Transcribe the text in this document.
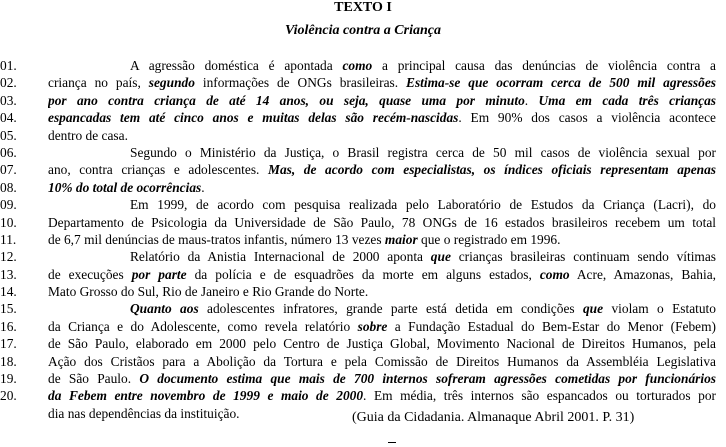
TEXTO I
Violência contra a Criança
01.	A agressão doméstica é apontada como a principal causa das denúncias de violência contra a
02.	criança no país, segundo informações de ONGs brasileiras. Estima-se que ocorram cerca de 500 mil agressões
03.	por ano contra criança de até 14 anos, ou seja, quase uma por minuto. Uma em cada três crianças
04.	espancadas tem até cinco anos e muitas delas são recém-nascidas. Em 90% dos casos a violência acontece
05.	dentro de casa.
06.	Segundo o Ministério da Justiça, o Brasil registra cerca de 50 mil casos de violência sexual por
07.	ano, contra crianças e adolescentes. Mas, de acordo com especialistas, os índices oficiais representam apenas
08.	10% do total de ocorrências.
09.	Em 1999, de acordo com pesquisa realizada pelo Laboratório de Estudos da Criança (Lacri), do
10.	Departamento de Psicologia da Universidade de São Paulo, 78 ONGs de 16 estados brasileiros recebem um total
11.	de 6,7 mil denúncias de maus-tratos infantis, número 13 vezes maior que o registrado em 1996.
12.	Relatório da Anistia Internacional de 2000 aponta que crianças brasileiras continuam sendo vítimas
13.	de execuções por parte da polícia e de esquadrões da morte em alguns estados, como Acre, Amazonas, Bahia,
14.	Mato Grosso do Sul, Rio de Janeiro e Rio Grande do Norte.
15.	Quanto aos adolescentes infratores, grande parte está detida em condições que violam o Estatuto
16.	da Criança e do Adolescente, como revela relatório sobre a Fundação Estadual do Bem-Estar do Menor (Febem)
17.	de São Paulo, elaborado em 2000 pelo Centro de Justiça Global, Movimento Nacional de Direitos Humanos, pela
18.	Ação dos Cristãos para a Abolição da Tortura e pela Comissão de Direitos Humanos da Assembléia Legislativa
19.	de São Paulo. O documento estima que mais de 700 internos sofreram agressões cometidas por funcionários
20.	da Febem entre novembro de 1999 e maio de 2000. Em média, três internos são espancados ou torturados por
dia nas dependências da instituição.	(Guia da Cidadania. Almanaque Abril 2001. P. 31)
